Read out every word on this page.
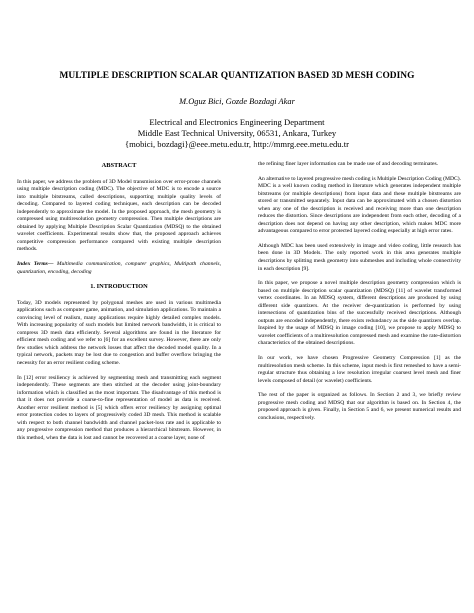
MULTIPLE DESCRIPTION SCALAR QUANTIZATION BASED 3D MESH CODING
M.Oguz Bici, Gozde Bozdagi Akar
Electrical and Electronics Engineering Department
Middle East Technical University, 06531, Ankara, Turkey
{mobici, bozdagi}@eee.metu.edu.tr, http://mmrg.eee.metu.edu.tr
ABSTRACT

In this paper, we address the problem of 3D Model transmission over error-prone channels using multiple description coding (MDC). The objective of MDC is to encode a source into multiple bitstreams, called descriptions, supporting multiple quality levels of decoding. Compared to layered coding techniques, each description can be decoded independently to approximate the model. In the proposed approach, the mesh geometry is compressed using multiresolution geometry compression. Then multiple descriptions are obtained by applying Multiple Description Scalar Quantization (MDSQ) to the obtained wavelet coefficients. Experimental results show that, the proposed approach achieves competitive compression performance compared with existing multiple description methods.

Index Terms— Multimedia communication, computer graphics, Multipath channels, quantization, encoding, decoding

1. INTRODUCTION

Today, 3D models represented by polygonal meshes are used in various multimedia applications such as computer game, animation, and simulation applications. To maintain a convincing level of realism, many applications require highly detailed complex models. With increasing popularity of such models but limited network bandwidth, it is critical to compress 3D mesh data efficiently. Several algorithms are found in the literature for efficient mesh coding and we refer to [6] for an excellent survey. However, there are only few studies which address the network losses that affect the decoded model quality. In a typical network, packets may be lost due to congestion and buffer overflow bringing the necessity for an error resilient coding scheme.

In [12] error resiliency is achieved by segmenting mesh and transmitting each segment independently. These segments are then stitched at the decoder using joint-boundary information which is classified as the most important. The disadvantage of this method is that it does not provide a coarse-to-fine representation of model as data is received. Another error resilient method is [5] which offers error resiliency by assigning optimal error protection codes to layers of progressively coded 3D mesh. This method is scalable with respect to both channel bandwidth and channel packet-loss rate and is applicable to any progressive compression method that produces a hierarchical bitstream. However, in this method, when the data is lost and cannot be recovered at a coarse layer, none of

the refining finer layer information can be made use of and decoding terminates.

An alternative to layered progressive mesh coding is Multiple Description Coding (MDC). MDC is a well known coding method in literature which generates independent multiple bitstreams (or multiple descriptions) from input data and these multiple bitstreams are stored or transmitted separately. Input data can be approximated with a chosen distortion when any one of the description is received and receiving more than one description reduces the distortion. Since descriptions are independent from each other, decoding of a description does not depend on having any other description, which makes MDC more advantageous compared to error protected layered coding especially at high error rates.

Although MDC has been used extensively in image and video coding, little research has been done in 3D Models. The only reported work in this area generates multiple descriptions by splitting mesh geometry into submeshes and including whole connectivity in each description [9].

In this paper, we propose a novel multiple description geometry compression which is based on multiple description scalar quantization (MDSQ) [11] of wavelet transformed vertex coordinates. In an MDSQ system, different descriptions are produced by using different side quantizers. At the receiver de-quantization is performed by using intersections of quantization bins of the successfully received descriptions. Although outputs are encoded independently, there exists redundancy as the side quantizers overlap. Inspired by the usage of MDSQ in image coding [10], we propose to apply MDSQ to wavelet coefficients of a multiresolution compressed mesh and examine the rate-distortion characteristics of the obtained descriptions.

In our work, we have chosen Progressive Geometry Compression [1] as the multiresolution mesh scheme. In this scheme, input mesh is first remeshed to have a semi-regular structure thus obtaining a low resolution irregular coarsest level mesh and finer levels composed of detail (or wavelet) coefficients.

The rest of the paper is organized as follows. In Section 2 and 3, we briefly review progressive mesh coding and MDSQ that our algorithm is based on. In Section 4, the proposed approach is given. Finally, in Section 5 and 6, we present numerical results and conclusions, respectively.
